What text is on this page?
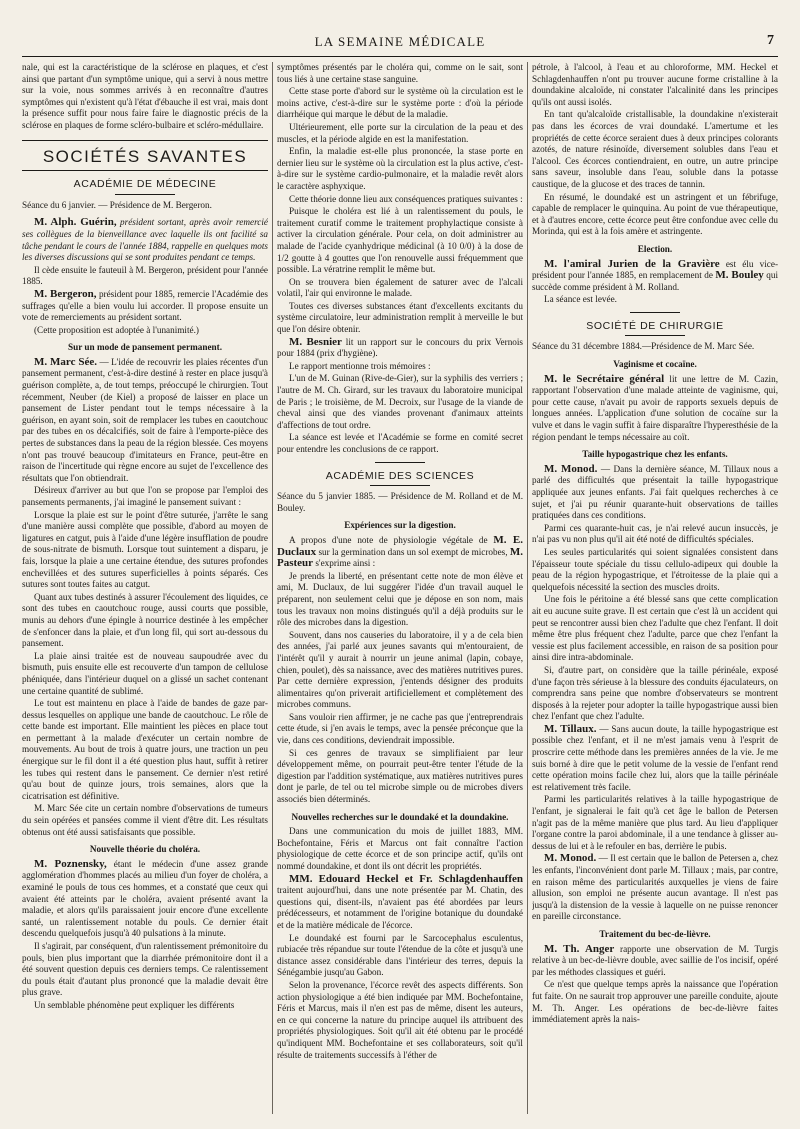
LA SEMAINE MÉDICALE	7

nale, qui est la caractéristique de la sclérose en plaques, et c'est ainsi que partant d'un symptôme unique, qui a servi à nous mettre sur la voie, nous sommes arrivés à en reconnaître d'autres symptômes qui n'existent qu'à l'état d'ébauche il est vrai, mais dont la présence suffit pour nous faire faire le diagnostic précis de la sclérose en plaques de forme scléro-bulbaire et scléro-médullaire.

SOCIÉTÉS SAVANTES
ACADÉMIE DE MÉDECINE

Séance du 6 janvier. — Présidence de M. Bergeron.

M. Alph. Guérin, président sortant, après avoir remercié ses collègues de la bienveillance avec laquelle ils ont facilité sa tâche pendant le cours de l'année 1884, rappelle en quelques mots les diverses discussions qui se sont produites pendant ce temps.

Il cède ensuite le fauteuil à M. Bergeron, président pour l'année 1885.

M. Bergeron, président pour 1885, remercie l'Académie des suffrages qu'elle a bien voulu lui accorder. Il propose ensuite un vote de remerciements au président sortant.

(Cette proposition est adoptée à l'unanimité.)

Sur un mode de pansement permanent.

M. Marc Sée. — L'idée de recouvrir les plaies récentes d'un pansement permanent, c'est-à-dire destiné à rester en place jusqu'à guérison complète, a, de tout temps, préoccupé le chirurgien. Tout récemment, Neuber (de Kiel) a proposé de laisser en place un pansement de Lister pendant tout le temps nécessaire à la guérison, en ayant soin, soit de remplacer les tubes en caoutchouc par des tubes en os décalcifiés, soit de faire à l'emporte-pièce des pertes de substances dans la peau de la région blessée. Ces moyens n'ont pas trouvé beaucoup d'imitateurs en France, peut-être en raison de l'incertitude qui règne encore au sujet de l'excellence des résultats que l'on obtiendrait.

Désireux d'arriver au but que l'on se propose par l'emploi des pansements permanents, j'ai imaginé le pansement suivant :

Lorsque la plaie est sur le point d'être suturée, j'arrête le sang d'une manière aussi complète que possible, d'abord au moyen de ligatures en catgut, puis à l'aide d'une légère insufflation de poudre de sous-nitrate de bismuth. Lorsque tout suintement a disparu, je fais, lorsque la plaie a une certaine étendue, des sutures profondes enchevillées et des sutures superficielles à points séparés. Ces sutures sont toutes faites au catgut.

Quant aux tubes destinés à assurer l'écoulement des liquides, ce sont des tubes en caoutchouc rouge, aussi courts que possible, munis au dehors d'une épingle à nourrice destinée à les empêcher de s'enfoncer dans la plaie, et d'un long fil, qui sort au-dessous du pansement.

La plaie ainsi traitée est de nouveau saupoudrée avec du bismuth, puis ensuite elle est recouverte d'un tampon de cellulose phéniquée, dans l'intérieur duquel on a glissé un sachet contenant une certaine quantité de sublimé.

Le tout est maintenu en place à l'aide de bandes de gaze par-dessus lesquelles on applique une bande de caoutchouc. Le rôle de cette bande est important. Elle maintient les pièces en place tout en permettant à la malade d'exécuter un certain nombre de mouvements. Au bout de trois à quatre jours, une traction un peu énergique sur le fil dont il a été question plus haut, suffit à retirer les tubes qui restent dans le pansement. Ce dernier n'est retiré qu'au bout de quinze jours, trois semaines, alors que la cicatrisation est définitive.

M. Marc Sée cite un certain nombre d'observations de tumeurs du sein opérées et pansées comme il vient d'être dit. Les résultats obtenus ont été aussi satisfaisants que possible.

Nouvelle théorie du choléra.

M. Poznensky, étant le médecin d'une assez grande agglomération d'hommes placés au milieu d'un foyer de choléra, a examiné le pouls de tous ces hommes, et a constaté que ceux qui avaient été atteints par le choléra, avaient présenté avant la maladie, et alors qu'ils paraissaient jouir encore d'une excellente santé, un ralentissement notable du pouls. Ce dernier était descendu quelquefois jusqu'à 40 pulsations à la minute.

Il s'agirait, par conséquent, d'un ralentissement prémonitoire du pouls, bien plus important que la diarrhée prémonitoire dont il a été souvent question depuis ces derniers temps. Ce ralentissement du pouls était d'autant plus prononcé que la maladie devait être plus grave.

Un semblable phénomène peut expliquer les différents

symptômes présentés par le choléra qui, comme on le sait, sont tous liés à une certaine stase sanguine.

Cette stase porte d'abord sur le système où la circulation est le moins active, c'est-à-dire sur le système porte : d'où la période diarrhéique qui marque le début de la maladie.

Ultérieurement, elle porte sur la circulation de la peau et des muscles, et la période algide en est la manifestation.

Enfin, la maladie est-elle plus prononcée, la stase porte en dernier lieu sur le système où la circulation est la plus active, c'est-à-dire sur le système cardio-pulmonaire, et la maladie revêt alors le caractère asphyxique.

Cette théorie donne lieu aux conséquences pratiques suivantes :

Puisque le choléra est lié à un ralentissement du pouls, le traitement curatif comme le traitement prophylactique consiste à activer la circulation générale. Pour cela, on doit administrer au malade de l'acide cyanhydrique médicinal (à 10 0/0) à la dose de 1/2 goutte à 4 gouttes que l'on renouvelle aussi fréquemment que possible. La vératrine remplit le même but.

On se trouvera bien également de saturer avec de l'alcali volatil, l'air qui environne le malade.

Toutes ces diverses substances étant d'excellents excitants du système circulatoire, leur administration remplit à merveille le but que l'on désire obtenir.

M. Besnier lit un rapport sur le concours du prix Vernois pour 1884 (prix d'hygiène).

Le rapport mentionne trois mémoires :

L'un de M. Guinan (Rive-de-Gier), sur la syphilis des verriers ; l'autre de M. Ch. Girard, sur les travaux du laboratoire municipal de Paris ; le troisième, de M. Decroix, sur l'usage de la viande de cheval ainsi que des viandes provenant d'animaux atteints d'affections de tout ordre.

La séance est levée et l'Académie se forme en comité secret pour entendre les conclusions de ce rapport.

ACADÉMIE DES SCIENCES

Séance du 5 janvier 1885. — Présidence de M. Rolland et de M. Bouley.

Expériences sur la digestion.

A propos d'une note de physiologie végétale de M. E. Duclaux sur la germination dans un sol exempt de microbes, M. Pasteur s'exprime ainsi :

Je prends la liberté, en présentant cette note de mon élève et ami, M. Duclaux, de lui suggérer l'idée d'un travail auquel le préparent, non seulement celui que je dépose en son nom, mais tous les travaux non moins distingués qu'il a déjà produits sur le rôle des microbes dans la digestion.

Souvent, dans nos causeries du laboratoire, il y a de cela bien des années, j'ai parlé aux jeunes savants qui m'entouraient, de l'intérêt qu'il y aurait à nourrir un jeune animal (lapin, cobaye, chien, poulet), dès sa naissance, avec des matières nutritives pures. Par cette dernière expression, j'entends désigner des produits alimentaires qu'on priverait artificiellement et complètement des microbes communs.

Sans vouloir rien affirmer, je ne cache pas que j'entreprendrais cette étude, si j'en avais le temps, avec la pensée préconçue que la vie, dans ces conditions, deviendrait impossible.

Si ces genres de travaux se simplifiaient par leur développement même, on pourrait peut-être tenter l'étude de la digestion par l'addition systématique, aux matières nutritives pures dont je parle, de tel ou tel microbe simple ou de microbes divers associés bien déterminés.

Nouvelles recherches sur le doundaké et la doundakine.

Dans une communication du mois de juillet 1883, MM. Bochefontaine, Féris et Marcus ont fait connaître l'action physiologique de cette écorce et de son principe actif, qu'ils ont nommé doundakine, et dont ils ont décrit les propriétés.

MM. Edouard Heckel et Fr. Schlagdenhauffen traitent aujourd'hui, dans une note présentée par M. Chatin, des questions qui, disent-ils, n'avaient pas été abordées par leurs prédécesseurs, et notamment de l'origine botanique du doundaké et de la matière médicale de l'écorce.

Le doundaké est fourni par le Sarcocephalus esculentus, rubiacée très répandue sur toute l'étendue de la côte et jusqu'à une distance assez considérable dans l'intérieur des terres, depuis la Sénégambie jusqu'au Gabon.

Selon la provenance, l'écorce revêt des aspects différents. Son action physiologique a été bien indiquée par MM. Bochefontaine, Féris et Marcus, mais il n'en est pas de même, disent les auteurs, en ce qui concerne la nature du principe auquel ils attribuent des propriétés physiologiques. Soit qu'il ait été obtenu par le procédé qu'indiquent MM. Bochefontaine et ses collaborateurs, soit qu'il résulte de traitements successifs à l'éther de

pétrole, à l'alcool, à l'eau et au chloroforme, MM. Heckel et Schlagdenhauffen n'ont pu trouver aucune forme cristalline à la doundakine alcaloïde, ni constater l'alcalinité dans les principes qu'ils ont aussi isolés.

En tant qu'alcaloïde cristallisable, la doundakine n'existerait pas dans les écorces de vrai doundaké. L'amertume et les propriétés de cette écorce seraient dues à deux principes colorants azotés, de nature résinoïde, diversement solubles dans l'eau et l'alcool. Ces écorces contiendraient, en outre, un autre principe sans saveur, insoluble dans l'eau, soluble dans la potasse caustique, de la glucose et des traces de tannin.

En résumé, le doundaké est un astringent et un fébrifuge, capable de remplacer le quinquina. Au point de vue thérapeutique, et à d'autres encore, cette écorce peut être confondue avec celle du Morinda, qui est à la fois amère et astringente.

Election.

M. l'amiral Jurien de la Gravière est élu vice-président pour l'année 1885, en remplacement de M. Bouley qui succède comme président à M. Rolland.

La séance est levée.

SOCIÉTÉ DE CHIRURGIE

Séance du 31 décembre 1884.—Présidence de M. Marc Sée.

Vaginisme et cocaïne.

M. le Secrétaire général lit une lettre de M. Cazin, rapportant l'observation d'une malade atteinte de vaginisme, qui, pour cette cause, n'avait pu avoir de rapports sexuels depuis de longues années. L'application d'une solution de cocaïne sur la vulve et dans le vagin suffit à faire disparaître l'hyperesthésie de la région pendant le temps nécessaire au coït.

Taille hypogastrique chez les enfants.

M. Monod. — Dans la dernière séance, M. Tillaux nous a parlé des difficultés que présentait la taille hypogastrique appliquée aux jeunes enfants. J'ai fait quelques recherches à ce sujet, et j'ai pu réunir quarante-huit observations de tailles pratiquées dans ces conditions.

Parmi ces quarante-huit cas, je n'ai relevé aucun insuccès, je n'ai pas vu non plus qu'il ait été noté de difficultés spéciales.

Les seules particularités qui soient signalées consistent dans l'épaisseur toute spéciale du tissu cellulo-adipeux qui double la peau de la région hypogastrique, et l'étroitesse de la plaie qui a quelquefois nécessité la section des muscles droits.

Une fois le péritoine a été blessé sans que cette complication ait eu aucune suite grave. Il est certain que c'est là un accident qui peut se rencontrer aussi bien chez l'adulte que chez l'enfant. Il doit même être plus fréquent chez l'adulte, parce que chez l'enfant la vessie est plus facilement accessible, en raison de sa position pour ainsi dire intra-abdominale.

Si, d'autre part, on considère que la taille périnéale, exposé d'une façon très sérieuse à la blessure des conduits éjaculateurs, on comprendra sans peine que nombre d'observateurs se montrent disposés à la rejeter pour adopter la taille hypogastrique aussi bien chez l'enfant que chez l'adulte.

M. Tillaux. — Sans aucun doute, la taille hypogastrique est possible chez l'enfant, et il ne m'est jamais venu à l'esprit de proscrire cette méthode dans les premières années de la vie. Je me suis borné à dire que le petit volume de la vessie de l'enfant rend cette opération moins facile chez lui, alors que la taille périnéale est relativement très facile.

Parmi les particularités relatives à la taille hypogastrique de l'enfant, je signalerai le fait qu'à cet âge le ballon de Petersen n'agit pas de la même manière que plus tard. Au lieu d'appliquer l'organe contre la paroi abdominale, il a une tendance à glisser au-dessus de lui et à le refouler en bas, derrière le pubis.

M. Monod. — Il est certain que le ballon de Petersen a, chez les enfants, l'inconvénient dont parle M. Tillaux ; mais, par contre, en raison même des particularités auxquelles je viens de faire allusion, son emploi ne présente aucun avantage. Il n'est pas jusqu'à la distension de la vessie à laquelle on ne puisse renoncer en pareille circonstance.

Traitement du bec-de-lièvre.

M. Th. Anger rapporte une observation de M. Turgis relative à un bec-de-lièvre double, avec saillie de l'os incisif, opéré par les méthodes classiques et guéri.

Ce n'est que quelque temps après la naissance que l'opération fut faite. On ne saurait trop approuver une pareille conduite, ajoute M. Th. Anger. Les opérations de bec-de-lièvre faites immédiatement après la nais-
